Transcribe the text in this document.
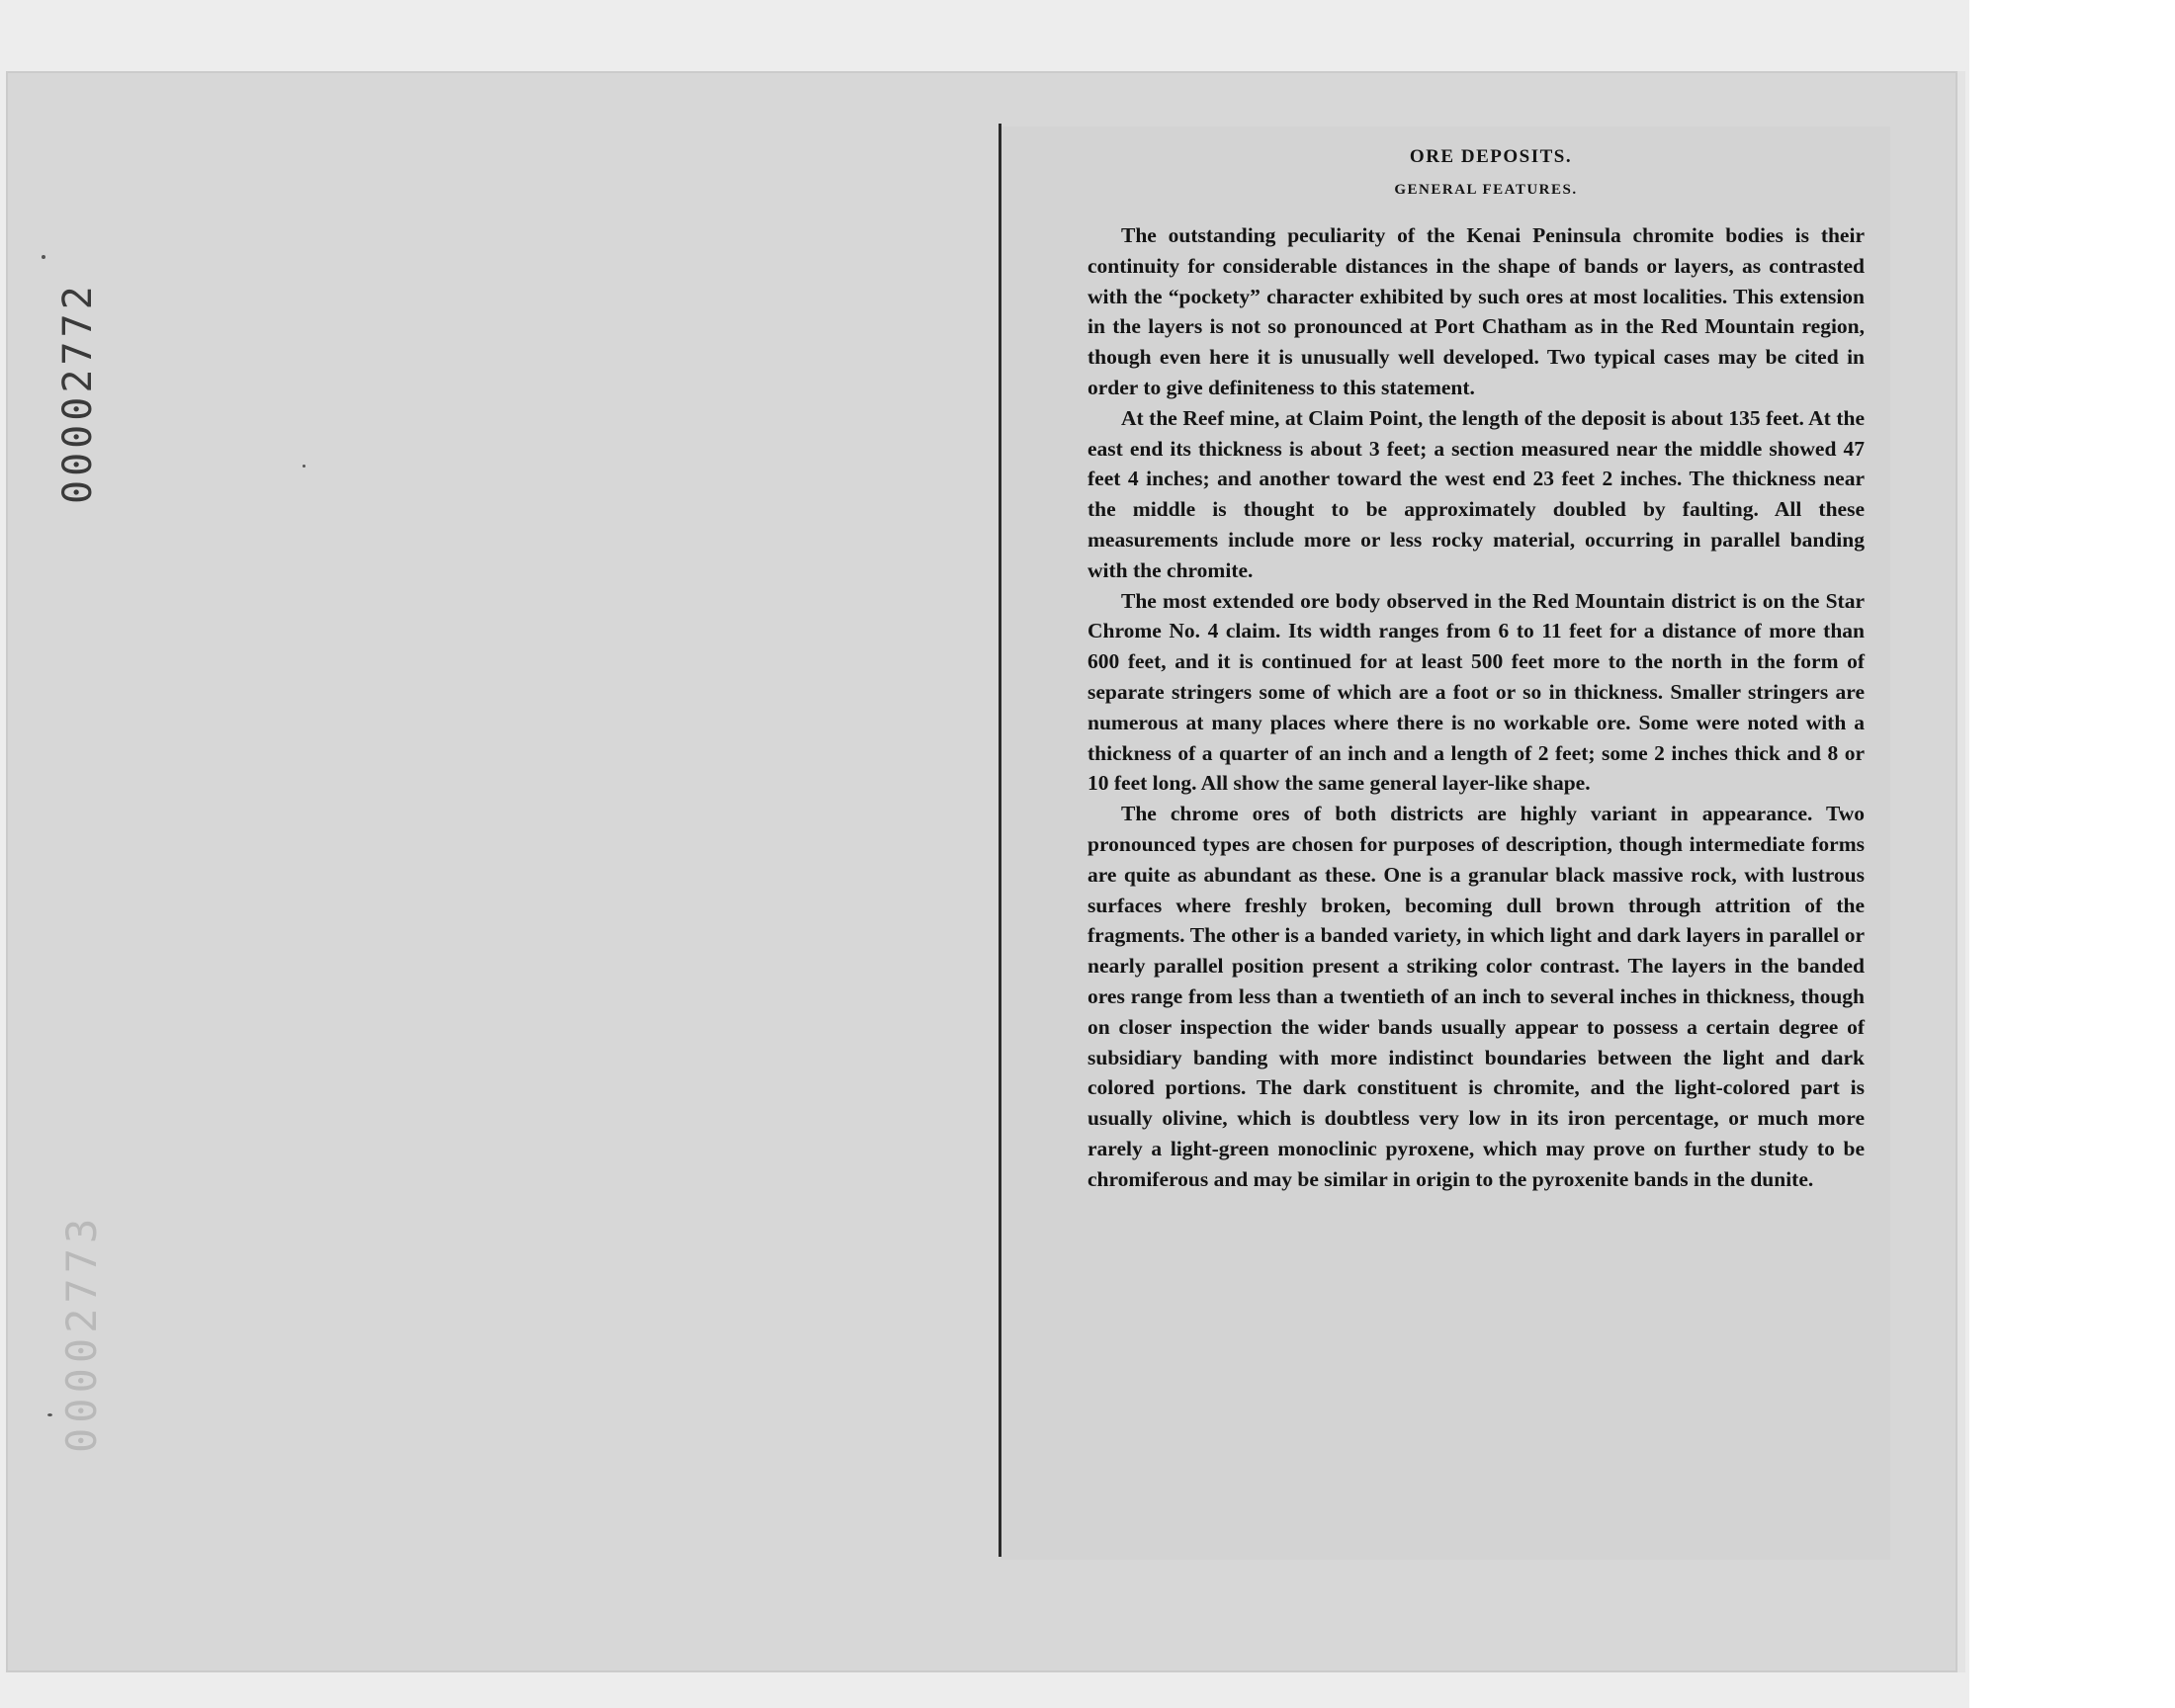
00002772
00002773
ORE DEPOSITS.
GENERAL FEATURES.

The outstanding peculiarity of the Kenai Peninsula chromite bodies is their continuity for considerable distances in the shape of bands or layers, as contrasted with the “pockety” character exhibited by such ores at most localities. This extension in the layers is not so pronounced at Port Chatham as in the Red Mountain region, though even here it is unusually well developed. Two typical cases may be cited in order to give definiteness to this statement.

At the Reef mine, at Claim Point, the length of the deposit is about 135 feet. At the east end its thickness is about 3 feet; a section measured near the middle showed 47 feet 4 inches; and another toward the west end 23 feet 2 inches. The thickness near the middle is thought to be approximately doubled by faulting. All these measurements include more or less rocky material, occurring in parallel banding with the chromite.

The most extended ore body observed in the Red Mountain district is on the Star Chrome No. 4 claim. Its width ranges from 6 to 11 feet for a distance of more than 600 feet, and it is continued for at least 500 feet more to the north in the form of separate stringers some of which are a foot or so in thickness. Smaller stringers are numerous at many places where there is no workable ore. Some were noted with a thickness of a quarter of an inch and a length of 2 feet; some 2 inches thick and 8 or 10 feet long. All show the same general layer-like shape.

The chrome ores of both districts are highly variant in appearance. Two pronounced types are chosen for purposes of description, though intermediate forms are quite as abundant as these. One is a granular black massive rock, with lustrous surfaces where freshly broken, becoming dull brown through attrition of the fragments. The other is a banded variety, in which light and dark layers in parallel or nearly parallel position present a striking color contrast. The layers in the banded ores range from less than a twentieth of an inch to several inches in thickness, though on closer inspection the wider bands usually appear to possess a certain degree of subsidiary banding with more indistinct boundaries between the light and dark colored portions. The dark constituent is chromite, and the light-colored part is usually olivine, which is doubtless very low in its iron percentage, or much more rarely a light-green monoclinic pyroxene, which may prove on further study to be chromiferous and may be similar in origin to the pyroxenite bands in the dunite.
